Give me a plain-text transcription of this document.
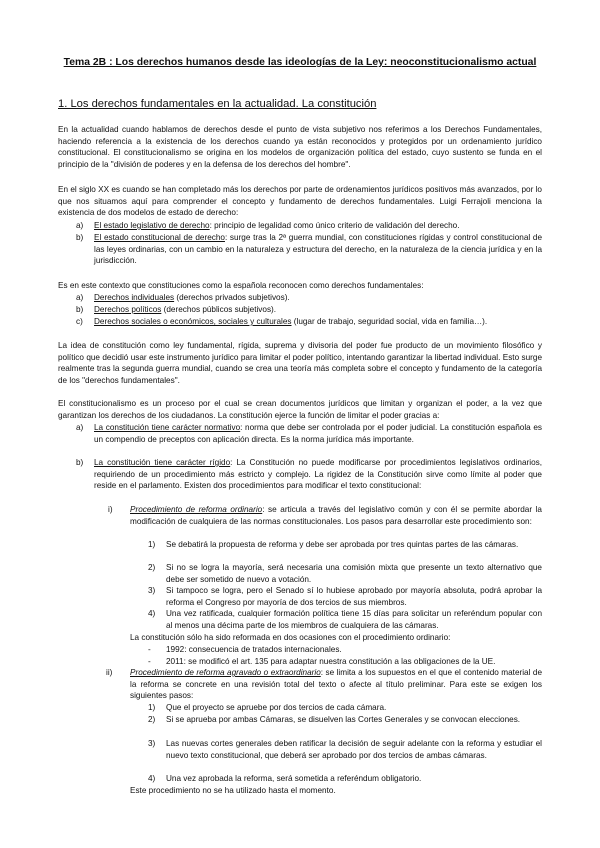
Tema 2B : Los derechos humanos desde las ideologías de la Ley: neoconstitucionalismo actual
1. Los derechos fundamentales en la actualidad. La constitución
En la actualidad cuando hablamos de derechos desde el punto de vista subjetivo nos referimos a los Derechos Fundamentales, haciendo referencia a la existencia de los derechos cuando ya están reconocidos y protegidos por un ordenamiento jurídico constitucional. El constitucionalismo se origina en los modelos de organización política del estado, cuyo sustento se funda en el principio de la "división de poderes y en la defensa de los derechos del hombre".
En el siglo XX es cuando se han completado más los derechos por parte de ordenamientos jurídicos positivos más avanzados, por lo que nos situamos aquí para comprender el concepto y fundamento de derechos fundamentales. Luigi Ferrajoli menciona la existencia de dos modelos de estado de derecho:
a) El estado legislativo de derecho: principio de legalidad como único criterio de validación del derecho.
b) El estado constitucional de derecho: surge tras la 2ª guerra mundial, con constituciones rígidas y control constitucional de las leyes ordinarias, con un cambio en la naturaleza y estructura del derecho, en la naturaleza de la ciencia jurídica y en la jurisdicción.
Es en este contexto que constituciones como la española reconocen como derechos fundamentales:
a) Derechos individuales (derechos privados subjetivos).
b) Derechos políticos (derechos públicos subjetivos).
c) Derechos sociales o económicos, sociales y culturales (lugar de trabajo, seguridad social, vida en familia…).
La idea de constitución como ley fundamental, rígida, suprema y divisoria del poder fue producto de un movimiento filosófico y político que decidió usar este instrumento jurídico para limitar el poder político, intentando garantizar la libertad individual. Esto surge realmente tras la segunda guerra mundial, cuando se crea una teoría más completa sobre el concepto y fundamento de la categoría de los "derechos fundamentales".
El constitucionalismo es un proceso por el cual se crean documentos jurídicos que limitan y organizan el poder, a la vez que garantizan los derechos de los ciudadanos. La constitución ejerce la función de limitar el poder gracias a:
a) La constitución tiene carácter normativo: norma que debe ser controlada por el poder judicial. La constitución española es un compendio de preceptos con aplicación directa. Es la norma jurídica más importante.
b) La constitución tiene carácter rígido: La Constitución no puede modificarse por procedimientos legislativos ordinarios, requiriendo de un procedimiento más estricto y complejo. La rigidez de la Constitución sirve como límite al poder que reside en el parlamento. Existen dos procedimientos para modificar el texto constitucional:
i) Procedimiento de reforma ordinario: se articula a través del legislativo común y con él se permite abordar la modificación de cualquiera de las normas constitucionales. Los pasos para desarrollar este procedimiento son:
1) Se debatirá la propuesta de reforma y debe ser aprobada por tres quintas partes de las cámaras.
2) Si no se logra la mayoría, será necesaria una comisión mixta que presente un texto alternativo que debe ser sometido de nuevo a votación.
3) Si tampoco se logra, pero el Senado sí lo hubiese aprobado por mayoría absoluta, podrá aprobar la reforma el Congreso por mayoría de dos tercios de sus miembros.
4) Una vez ratificada, cualquier formación política tiene 15 días para solicitar un referéndum popular con al menos una décima parte de los miembros de cualquiera de las cámaras.
La constitución sólo ha sido reformada en dos ocasiones con el procedimiento ordinario:
- 1992: consecuencia de tratados internacionales.
- 2011: se modificó el art. 135 para adaptar nuestra constitución a las obligaciones de la UE.
ii) Procedimiento de reforma agravado o extraordinario: se limita a los supuestos en el que el contenido material de la reforma se concrete en una revisión total del texto o afecte al título preliminar. Para este se exigen los siguientes pasos:
1) Que el proyecto se apruebe por dos tercios de cada cámara.
2) Si se aprueba por ambas Cámaras, se disuelven las Cortes Generales y se convocan elecciones.
3) Las nuevas cortes generales deben ratificar la decisión de seguir adelante con la reforma y estudiar el nuevo texto constitucional, que deberá ser aprobado por dos tercios de ambas cámaras.
4) Una vez aprobada la reforma, será sometida a referéndum obligatorio.
Este procedimiento no se ha utilizado hasta el momento.
